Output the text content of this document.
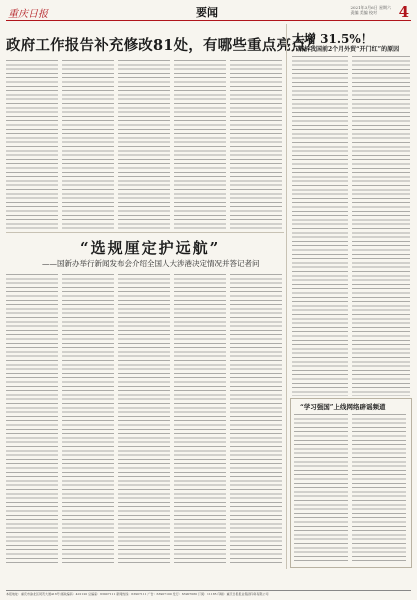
重庆日报	要闻	2021年3月6日 星期六
责编 美编 校对	4
政府工作报告补充修改81处，有哪些重点亮点？
大增 31.5%！
解析我国前2个月外贸“开门红”的原因
“选规厘定护远航”
——国新办举行新闻发布会介绍全国人大涉港决定情况并答记者问
“学习强国”上线网络辟谣频道
本报地址：重庆市渝北区同茂大道416号 邮政编码：401120 总编室：63907111 新闻热线：63907111 广告：63907100 发行：63907080 订阅：11185 印刷：重庆日报报业集团印务有限公司
